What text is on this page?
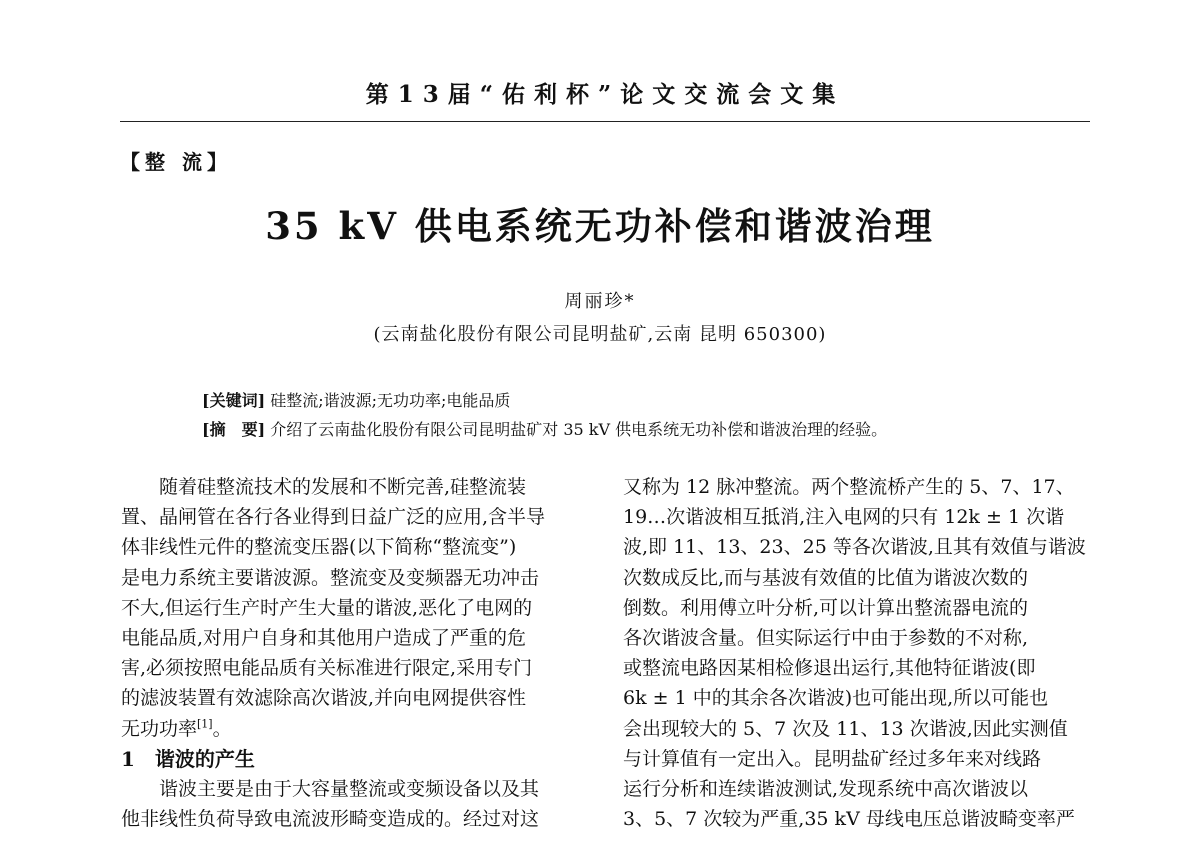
第13届“佑利杯”论文交流会文集
【整 流】
35 kV 供电系统无功补偿和谐波治理
周丽珍*
(云南盐化股份有限公司昆明盐矿,云南 昆明 650300)
[关键词] 硅整流;谐波源;无功功率;电能品质
[摘　要] 介绍了云南盐化股份有限公司昆明盐矿对 35 kV 供电系统无功补偿和谐波治理的经验。

随着硅整流技术的发展和不断完善,硅整流装

置、晶闸管在各行各业得到日益广泛的应用,含半导

体非线性元件的整流变压器(以下简称“整流变”)

是电力系统主要谐波源。整流变及变频器无功冲击

不大,但运行生产时产生大量的谐波,恶化了电网的

电能品质,对用户自身和其他用户造成了严重的危

害,必须按照电能品质有关标准进行限定,采用专门

的滤波装置有效滤除高次谐波,并向电网提供容性

无功功率[1]。

1　谐波的产生

谐波主要是由于大容量整流或变频设备以及其

他非线性负荷导致电流波形畸变造成的。经过对这

又称为 12 脉冲整流。两个整流桥产生的 5、7、17、

19…次谐波相互抵消,注入电网的只有 12k ± 1 次谐

波,即 11、13、23、25 等各次谐波,且其有效值与谐波

次数成反比,而与基波有效值的比值为谐波次数的

倒数。利用傅立叶分析,可以计算出整流器电流的

各次谐波含量。但实际运行中由于参数的不对称,

或整流电路因某相检修退出运行,其他特征谐波(即

6k ± 1 中的其余各次谐波)也可能出现,所以可能也

会出现较大的 5、7 次及 11、13 次谐波,因此实测值

与计算值有一定出入。昆明盐矿经过多年来对线路

运行分析和连续谐波测试,发现系统中高次谐波以

3、5、7 次较为严重,35 kV 母线电压总谐波畸变率严
